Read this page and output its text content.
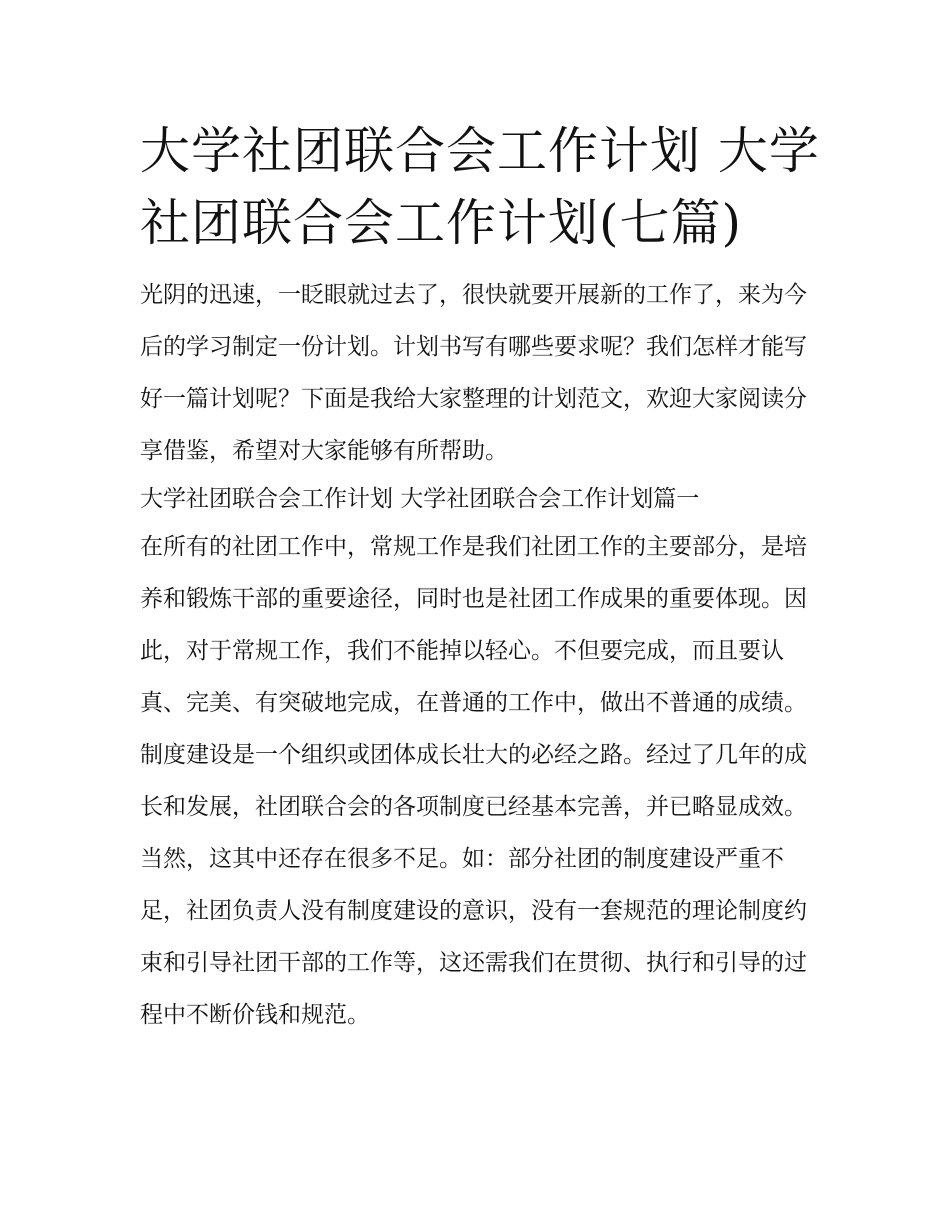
大学社团联合会工作计划 大学社团联合会工作计划(七篇)

光阴的迅速，一眨眼就过去了，很快就要开展新的工作了，来为今后的学习制定一份计划。计划书写有哪些要求呢？我们怎样才能写好一篇计划呢？下面是我给大家整理的计划范文，欢迎大家阅读分享借鉴，希望对大家能够有所帮助。

大学社团联合会工作计划 大学社团联合会工作计划篇一

在所有的社团工作中，常规工作是我们社团工作的主要部分，是培养和锻炼干部的重要途径，同时也是社团工作成果的重要体现。因此，对于常规工作，我们不能掉以轻心。不但要完成，而且要认真、完美、有突破地完成，在普通的工作中，做出不普通的成绩。制度建设是一个组织或团体成长壮大的必经之路。经过了几年的成长和发展，社团联合会的各项制度已经基本完善，并已略显成效。当然，这其中还存在很多不足。如：部分社团的制度建设严重不足，社团负责人没有制度建设的意识，没有一套规范的理论制度约束和引导社团干部的工作等，这还需我们在贯彻、执行和引导的过程中不断价钱和规范。
